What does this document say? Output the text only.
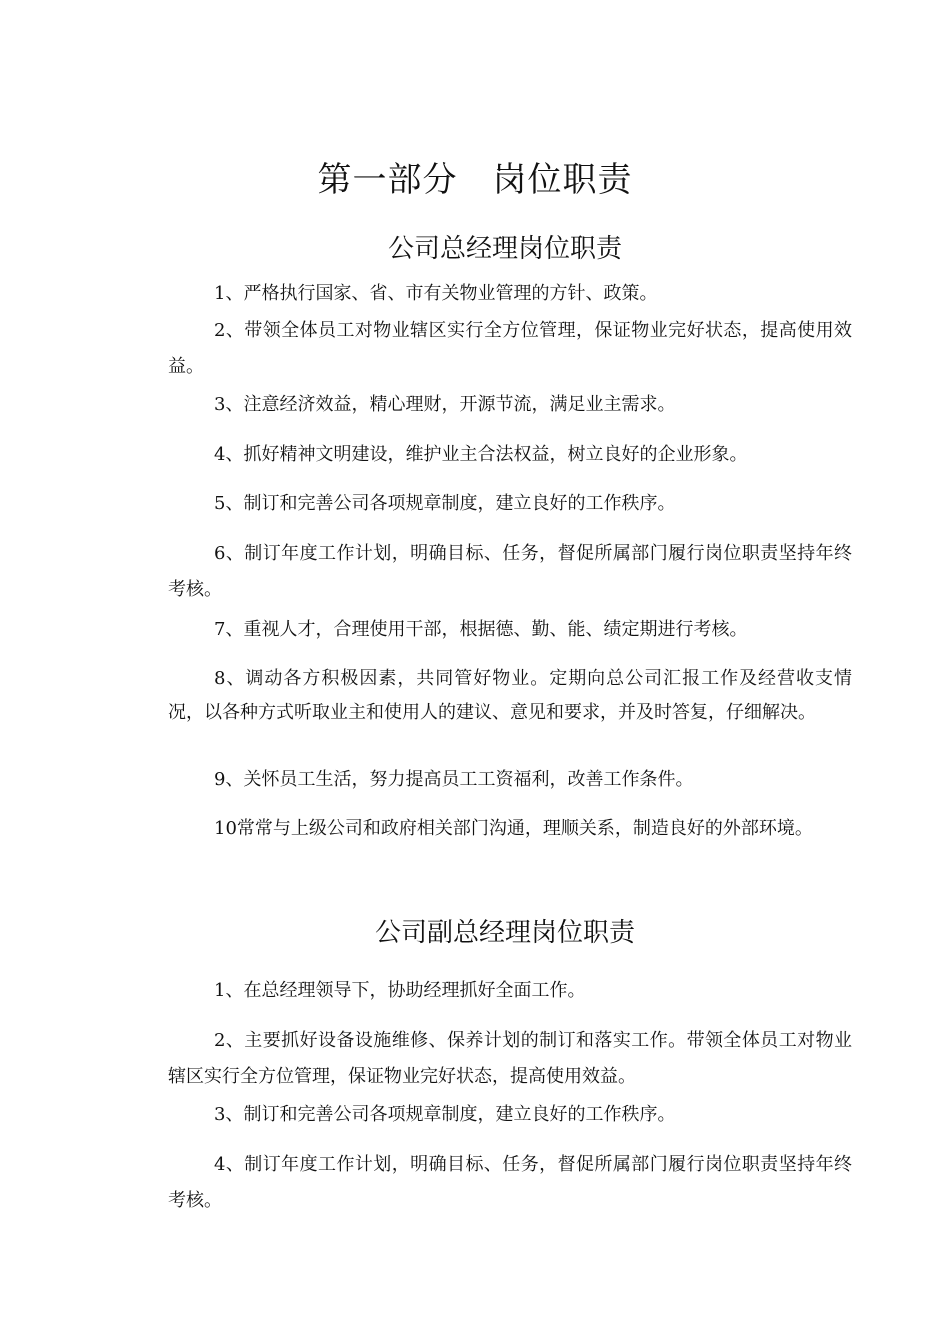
第一部分　岗位职责
公司总经理岗位职责

1、严格执行国家、省、市有关物业管理的方针、政策。

2、带领全体员工对物业辖区实行全方位管理，保证物业完好状态，提高使用效益。

3、注意经济效益，精心理财，开源节流，满足业主需求。

4、抓好精神文明建设，维护业主合法权益，树立良好的企业形象。

5、制订和完善公司各项规章制度，建立良好的工作秩序。

6、制订年度工作计划，明确目标、任务，督促所属部门履行岗位职责坚持年终考核。

7、重视人才，合理使用干部，根据德、勤、能、绩定期进行考核。

8、调动各方积极因素，共同管好物业。定期向总公司汇报工作及经营收支情况，以各种方式听取业主和使用人的建议、意见和要求，并及时答复，仔细解决。

9、关怀员工生活，努力提高员工工资福利，改善工作条件。

10常常与上级公司和政府相关部门沟通，理顺关系，制造良好的外部环境。

公司副总经理岗位职责

1、在总经理领导下，协助经理抓好全面工作。

2、主要抓好设备设施维修、保养计划的制订和落实工作。带领全体员工对物业辖区实行全方位管理，保证物业完好状态，提高使用效益。

3、制订和完善公司各项规章制度，建立良好的工作秩序。

4、制订年度工作计划，明确目标、任务，督促所属部门履行岗位职责坚持年终考核。
